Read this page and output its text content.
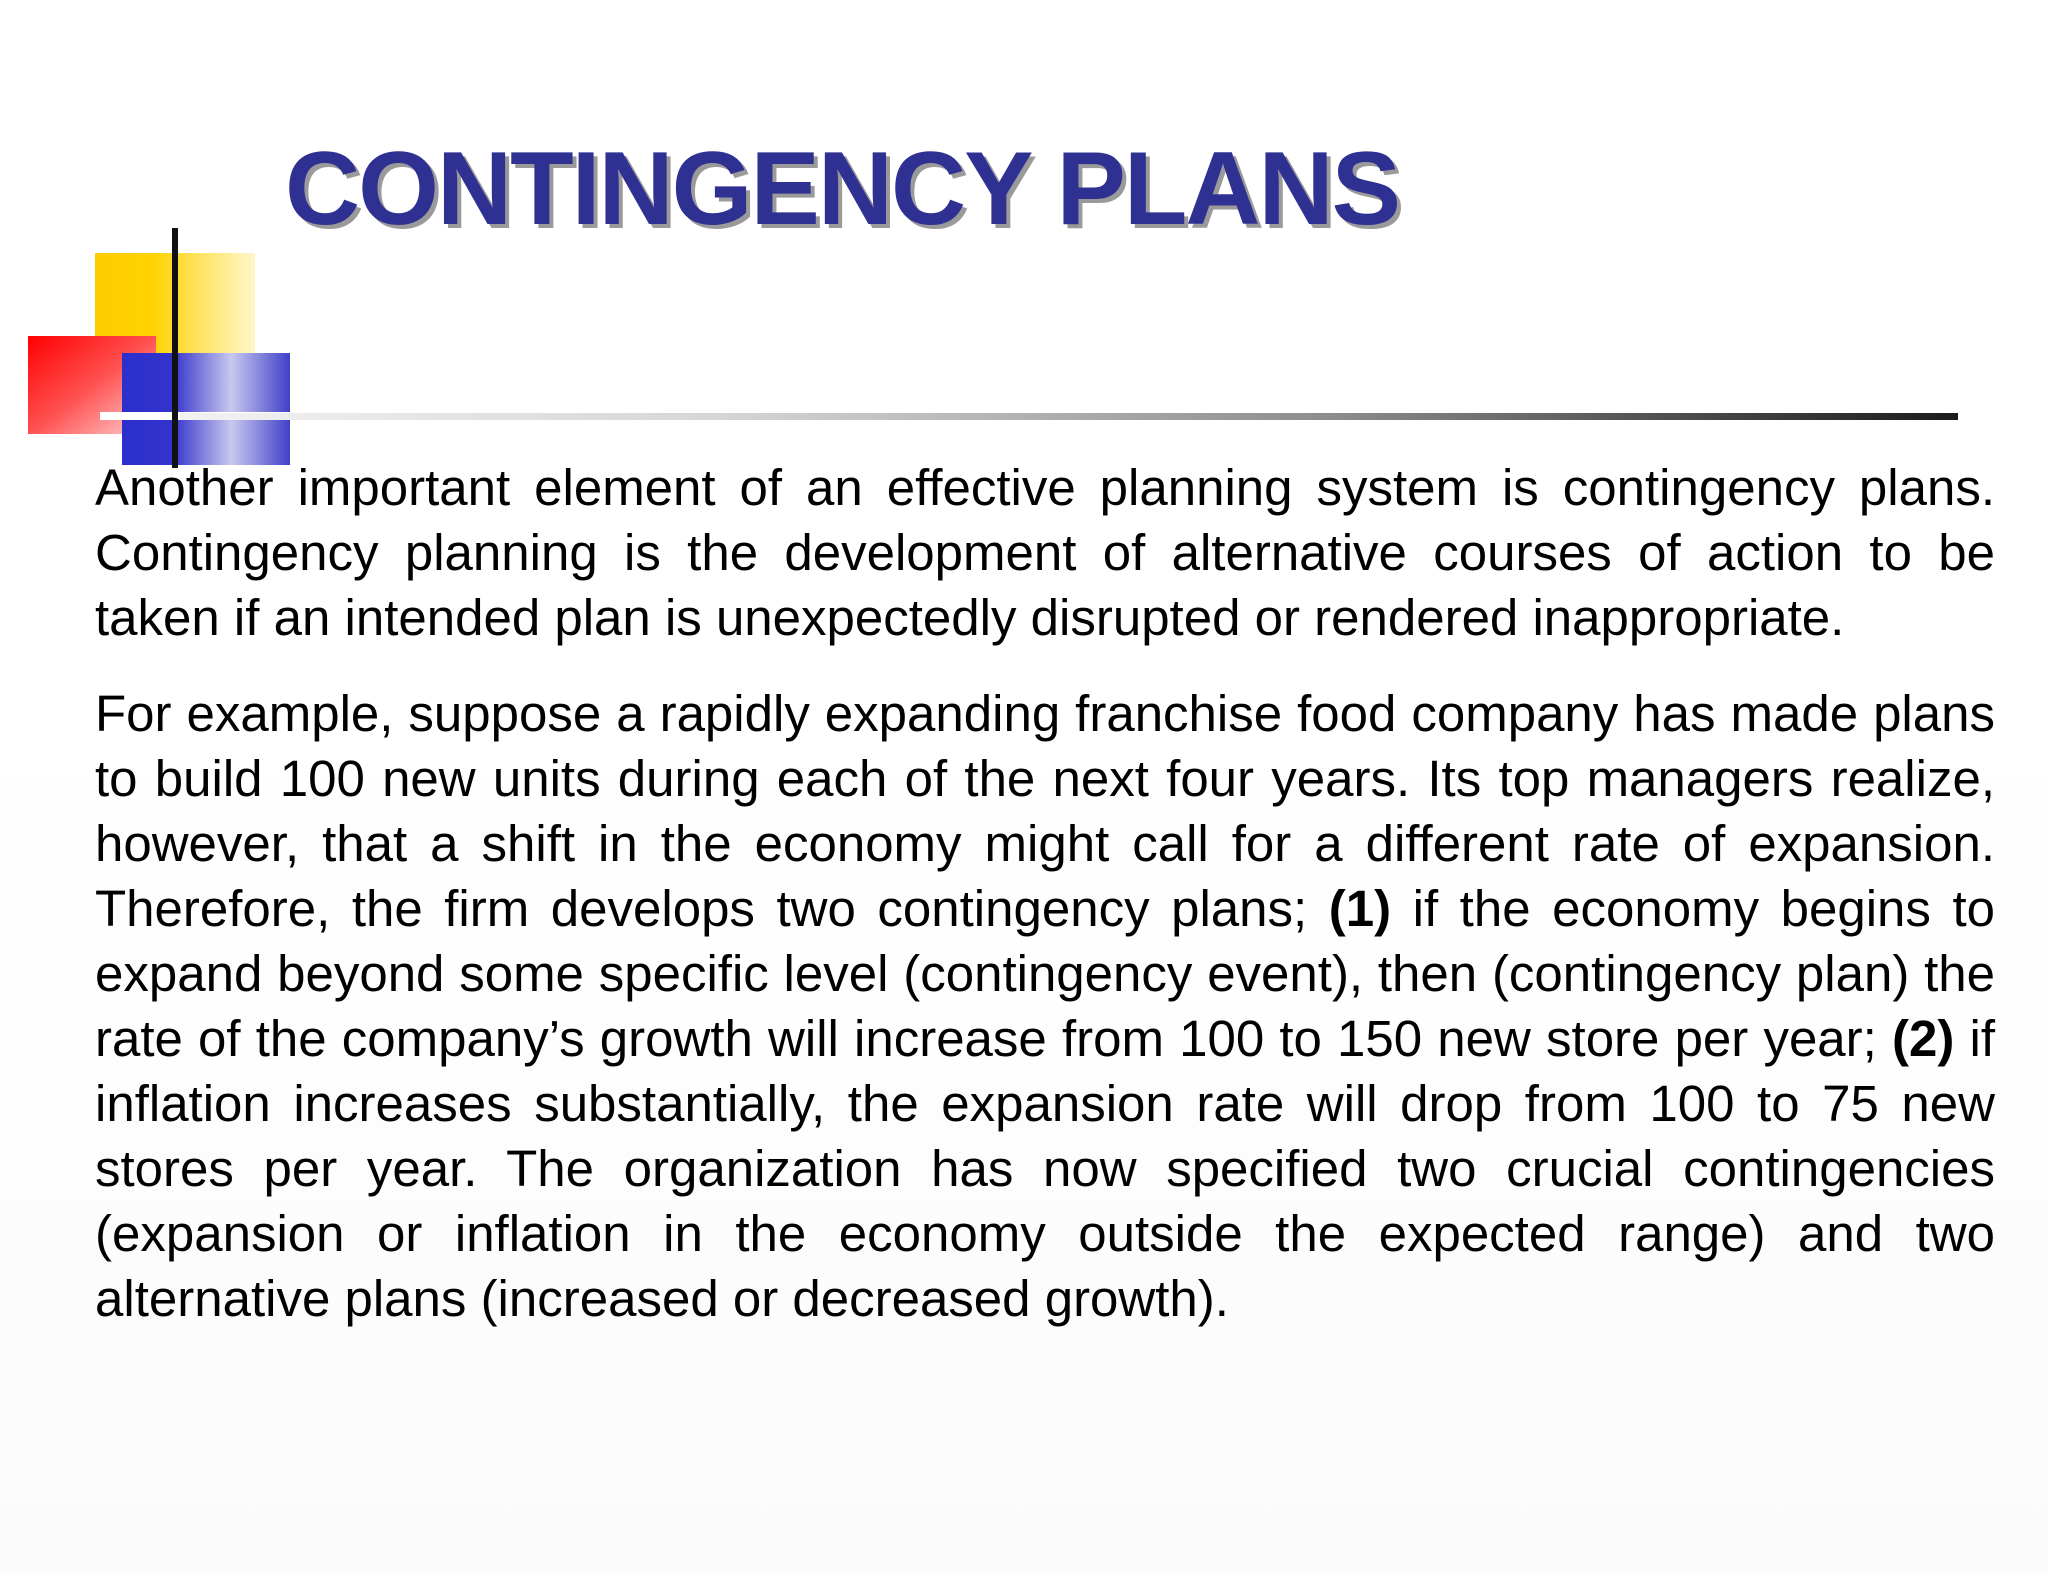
CONTINGENCY PLANS

Another important element of an effective planning system is contingency plans. Contingency planning is the development of alternative courses of action to be taken if an intended plan is unexpectedly disrupted or rendered inappropriate.

For example, suppose a rapidly expanding franchise food company has made plans to build 100 new units during each of the next four years. Its top managers realize, however, that a shift in the economy might call for a different rate of expansion. Therefore, the firm develops two contingency plans; (1) if the economy begins to expand beyond some specific level (contingency event), then (contingency plan) the rate of the company’s growth will increase from 100 to 150 new store per year; (2) if inflation increases substantially, the expansion rate will drop from 100 to 75 new stores per year. The organization has now specified two crucial contingencies (expansion or inflation in the economy outside the expected range) and two alternative plans (increased or decreased growth).
